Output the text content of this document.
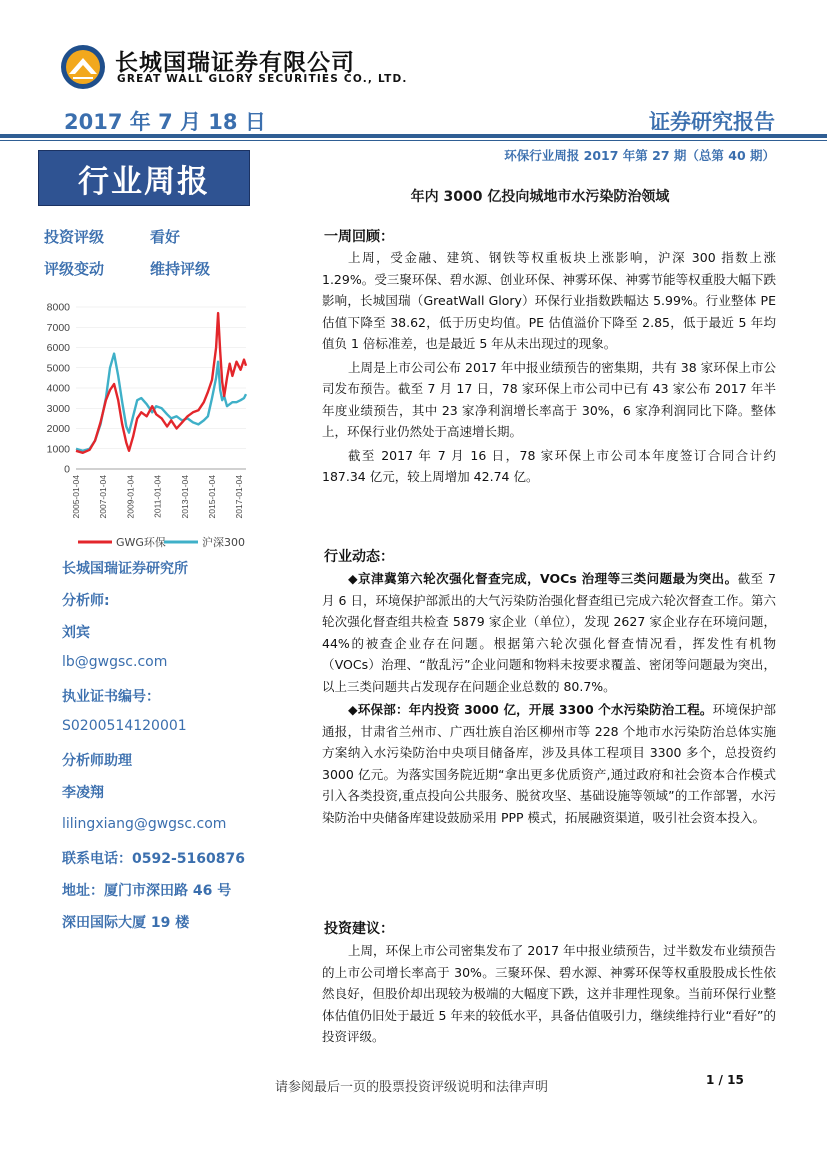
长城国瑞证券有限公司
GREAT WALL GLORY SECURITIES CO., LTD.
2017 年 7 月 18 日	证券研究报告
环保行业周报 2017 年第 27 期（总第 40 期）
行业周报
投资评级	看好
评级变动	维持评级
0
1000
2000
3000
4000
5000
6000
7000
8000
2005-01-04 2007-01-04 2009-01-04 2011-01-04 2013-01-04 2015-01-04 2017-01-04
GWG环保	沪深300
长城国瑞证券研究所
分析师:
刘宾
lb@gwgsc.com
执业证书编号：
S0200514120001
分析师助理
李凌翔
lilingxiang@gwgsc.com
联系电话：0592-5160876
地址：厦门市深田路 46 号
深田国际大厦 19 楼
年内 3000 亿投向城地市水污染防治领域
一周回顾：

上周，受金融、建筑、钢铁等权重板块上涨影响，沪深 300 指数上涨 1.29%。受三聚环保、碧水源、创业环保、神雾环保、神雾节能等权重股大幅下跌影响，长城国瑞（GreatWall Glory）环保行业指数跌幅达 5.99%。行业整体 PE 估值下降至 38.62，低于历史均值。PE 估值溢价下降至 2.85，低于最近 5 年均值负 1 倍标准差，也是最近 5 年从未出现过的现象。

上周是上市公司公布 2017 年中报业绩预告的密集期，共有 38 家环保上市公司发布预告。截至 7 月 17 日，78 家环保上市公司中已有 43 家公布 2017 年半年度业绩预告，其中 23 家净利润增长率高于 30%，6 家净利润同比下降。整体上，环保行业仍然处于高速增长期。

截至 2017 年 7 月 16 日，78 家环保上市公司本年度签订合同合计约 187.34 亿元，较上周增加 42.74 亿。

行业动态：

◆京津冀第六轮次强化督查完成，VOCs 治理等三类问题最为突出。截至 7 月 6 日，环境保护部派出的大气污染防治强化督查组已完成六轮次督查工作。第六轮次强化督查组共检查 5879 家企业（单位），发现 2627 家企业存在环境问题，44%的被查企业存在问题。根据第六轮次强化督查情况看，挥发性有机物（VOCs）治理、“散乱污”企业问题和物料未按要求覆盖、密闭等问题最为突出，以上三类问题共占发现存在问题企业总数的 80.7%。

◆环保部：年内投资 3000 亿，开展 3300 个水污染防治工程。环境保护部通报，甘肃省兰州市、广西壮族自治区柳州市等 228 个地市水污染防治总体实施方案纳入水污染防治中央项目储备库，涉及具体工程项目 3300 多个，总投资约 3000 亿元。为落实国务院近期“拿出更多优质资产,通过政府和社会资本合作模式引入各类投资,重点投向公共服务、脱贫攻坚、基础设施等领域”的工作部署，水污染防治中央储备库建设鼓励采用 PPP 模式，拓展融资渠道，吸引社会资本投入。

投资建议：

上周，环保上市公司密集发布了 2017 年中报业绩预告，过半数发布业绩预告的上市公司增长率高于 30%。三聚环保、碧水源、神雾环保等权重股股成长性依然良好，但股价却出现较为极端的大幅度下跌，这并非理性现象。当前环保行业整体估值仍旧处于最近 5 年来的较低水平，具备估值吸引力，继续维持行业“看好”的投资评级。

请参阅最后一页的股票投资评级说明和法律声明	1 / 15
